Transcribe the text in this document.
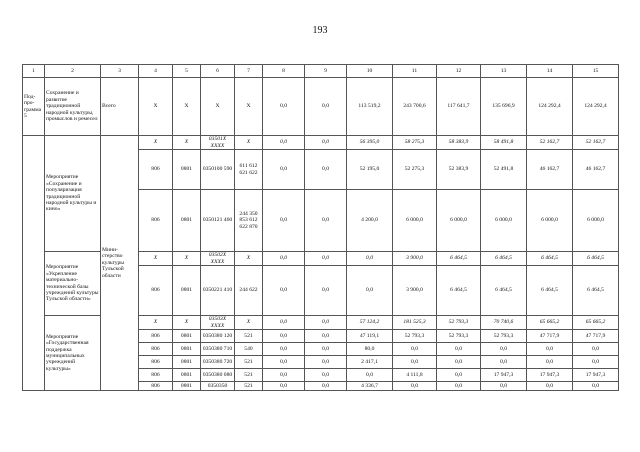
193
1	2	3	4	5	6	7	8	9	10	11	12	13	14	15
Под-про-грамма 5	Сохранение и развитие традиционной народной культуры, промыслов и ремесел	Всего	X	X	X	X	0,0	0,0	113 519,2	243 700,6	117 641,7	135 696,9	124 292,4	124 292,4
	Мероприятие «Сохранение и популяризация традиционной народной культуры и кино»	Мини-стерство культуры Тульской области	X	X	03501X XXXX	X	0,0	0,0	56 395,0	58 275,3	58 383,9	58 491,8	52 162,7	52 162,7
			806	0801	0350100 590	611 612 621 622	0,0	0,0	52 195,0	52 275,3	52 383,9	52 491,8	46 162,7	46 162,7
			806	0801	0350121 460	244 350 853 612 622 870	0,0	0,0	4 200,0	6 000,0	6 000,0	6 000,0	6 000,0	6 000,0
	Мероприятие «Укрепление материально-технической базы учреждений культуры Тульской области»		X	X	03502X XXXX	X	0,0	0,0	0,0	3 900,0	6 464,5	6 464,5	6 464,5	6 464,5
			806	0801	0350221 410	244 622	0,0	0,0	0,0	3 900,0	6 464,5	6 464,5	6 464,5	6 464,5
	Мероприятие «Государственная поддержка муниципальных учреждений культуры»		X	X	03503X XXXX	X	0,0	0,0	57 124,2	181 525,3	52 793,3	70 740,6	65 665,2	65 665,2
			806	0801	0350380 120	521	0,0	0,0	47 119,1	52 793,3	52 793,3	52 793,3	47 717,9	47 717,9
			806	0801	0350380 710	540	0,0	0,0	80,0	0,0	0,0	0,0	0,0	0,0
			806	0801	0350380 720	521	0,0	0,0	2 417,1	0,0	0,0	0,0	0,0	0,0
			806	0801	0350380 080	521	0,0	0,0	0,0	4 111,8	0,0	17 947,3	17 947,3	17 947,3
			806	0801	0350350	521	0,0	0,0	4 336,7	0,0	0,0	0,0	0,0	0,0
